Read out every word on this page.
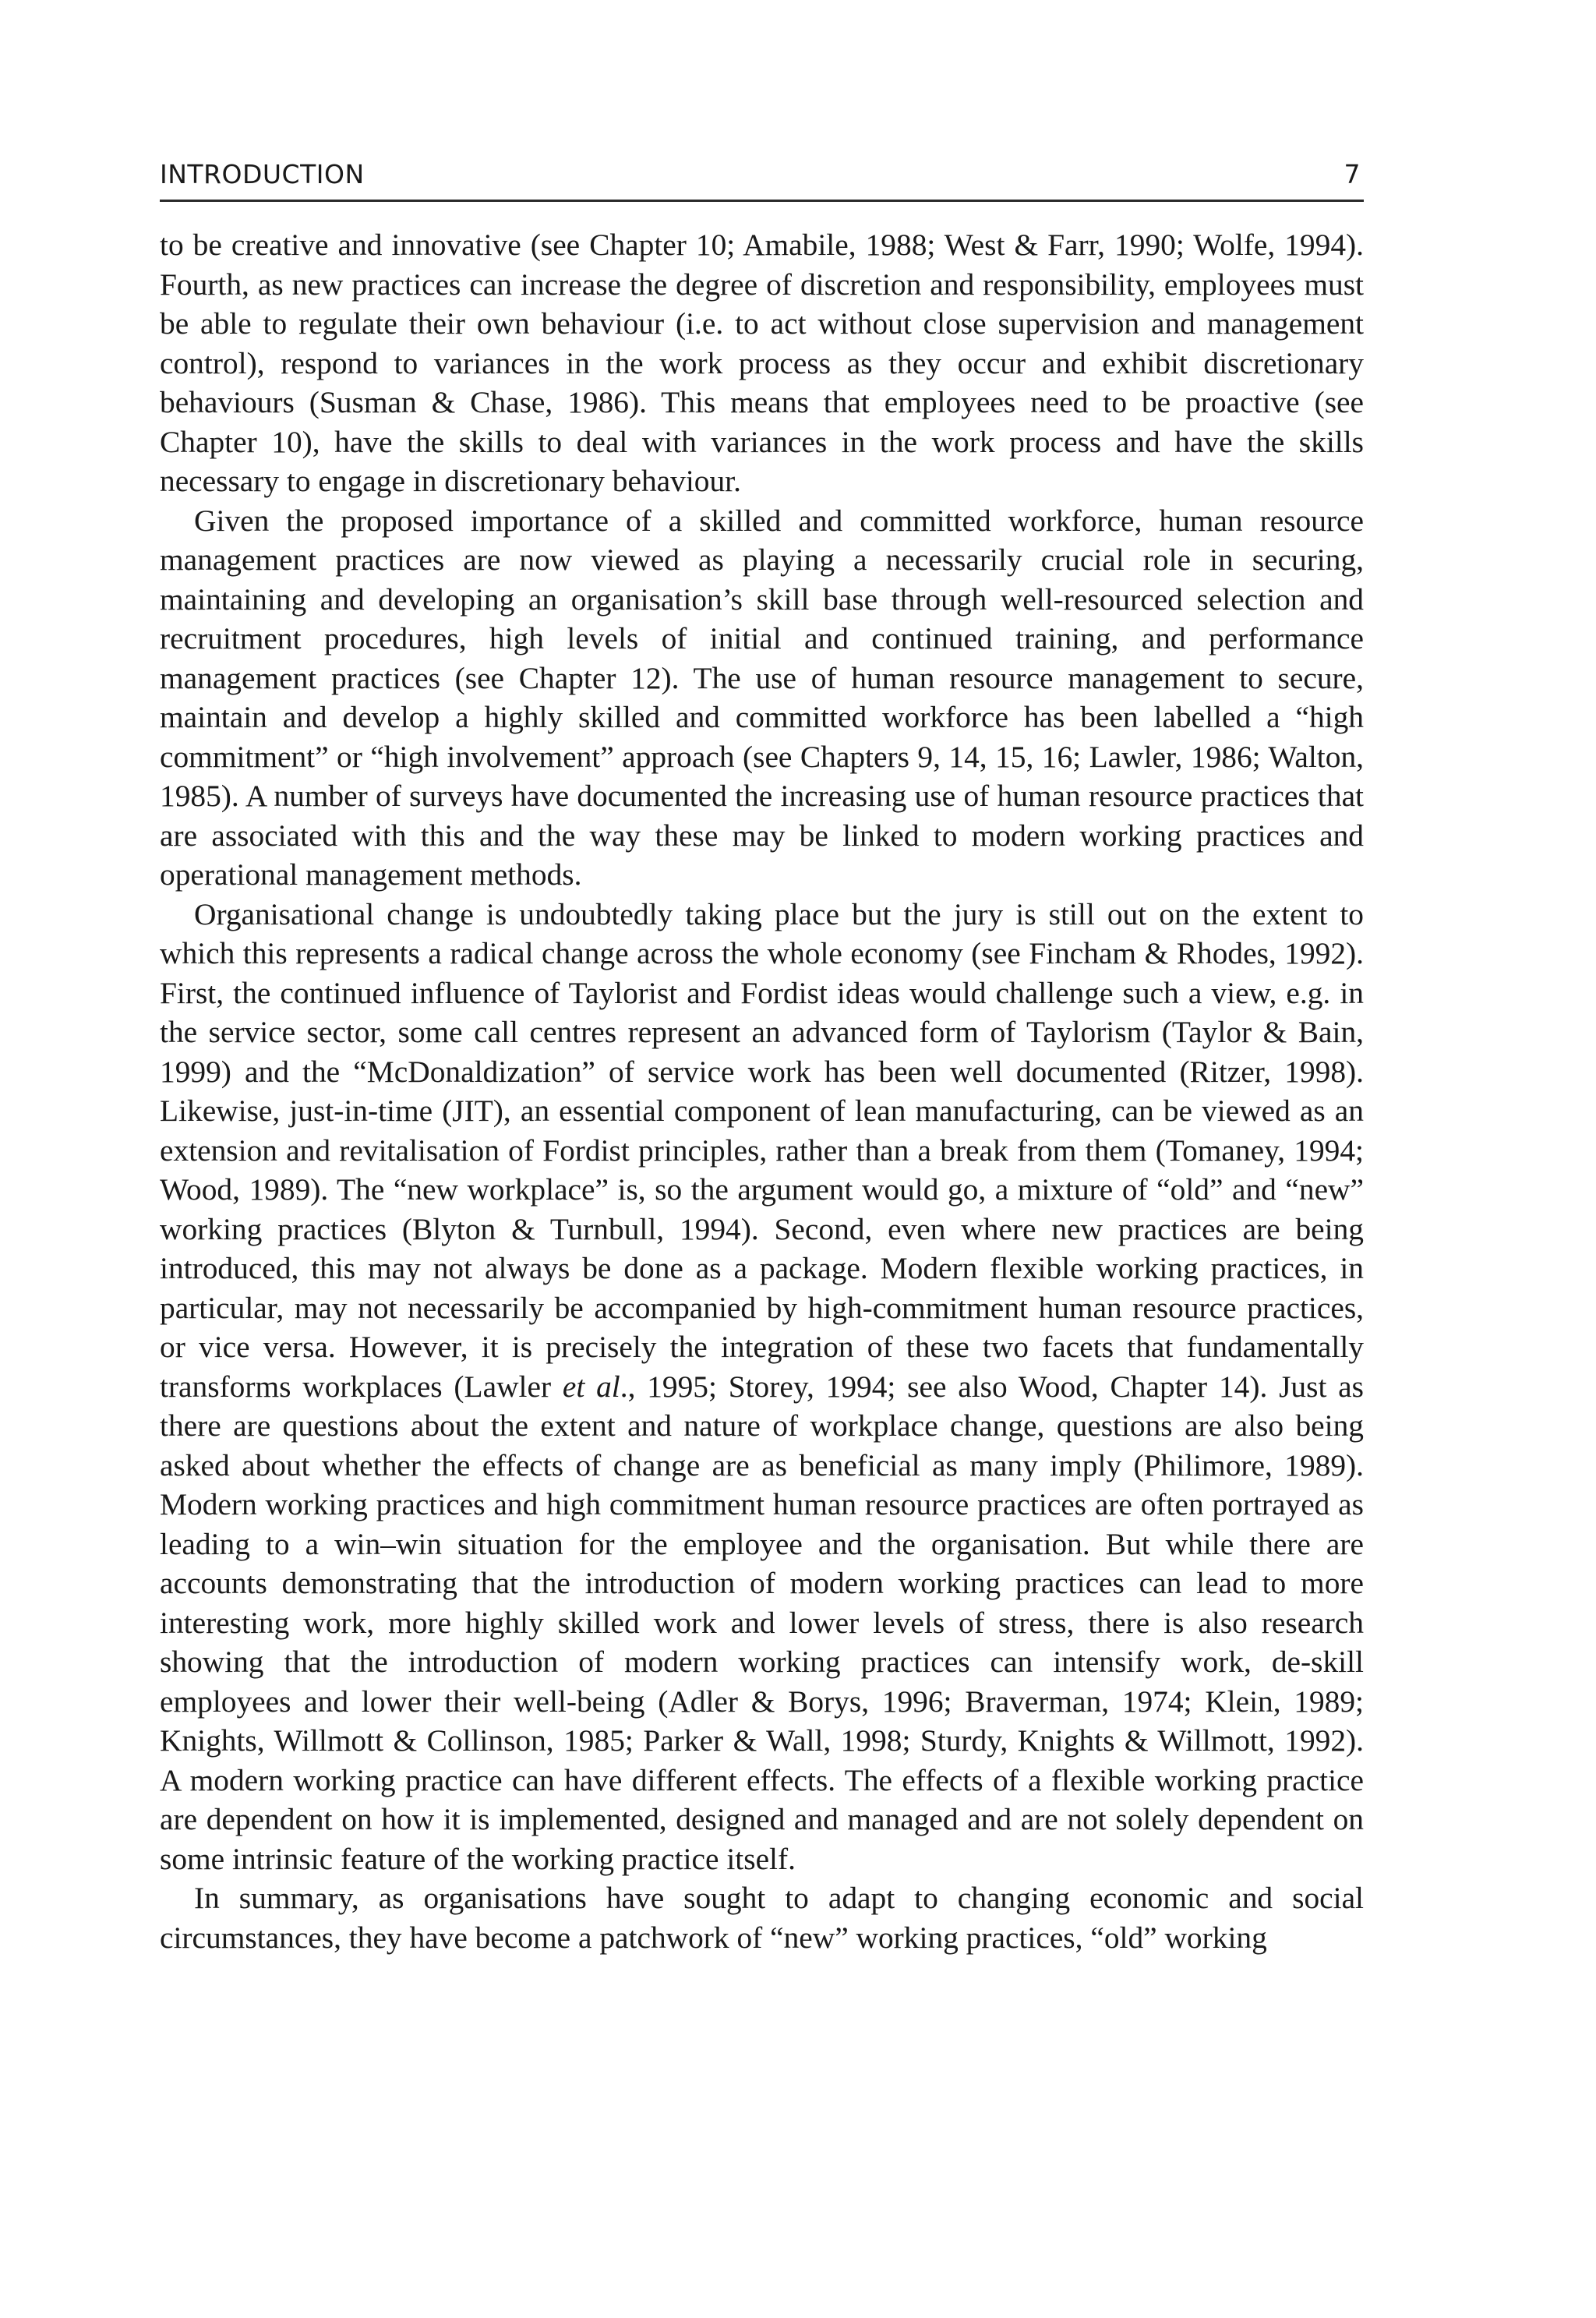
INTRODUCTION	7

to be creative and innovative (see Chapter 10; Amabile, 1988; West & Farr, 1990; Wolfe, 1994). Fourth, as new practices can increase the degree of discretion and responsibility, employees must be able to regulate their own behaviour (i.e. to act without close supervision and management control), respond to variances in the work process as they occur and exhibit discretionary behaviours (Susman & Chase, 1986). This means that employees need to be proactive (see Chapter 10), have the skills to deal with variances in the work process and have the skills necessary to engage in discretionary behaviour.

Given the proposed importance of a skilled and committed workforce, human resource management practices are now viewed as playing a necessarily crucial role in securing, maintaining and developing an organisation’s skill base through well-resourced selection and recruitment procedures, high levels of initial and continued training, and performance management practices (see Chapter 12). The use of human resource management to secure, maintain and develop a highly skilled and committed workforce has been labelled a “high commitment” or “high involvement” approach (see Chapters 9, 14, 15, 16; Lawler, 1986; Walton, 1985). A number of surveys have documented the increasing use of human resource practices that are associated with this and the way these may be linked to modern working practices and operational management methods.

Organisational change is undoubtedly taking place but the jury is still out on the extent to which this represents a radical change across the whole economy (see Fincham & Rhodes, 1992). First, the continued influence of Taylorist and Fordist ideas would challenge such a view, e.g. in the service sector, some call centres represent an advanced form of Taylorism (Taylor & Bain, 1999) and the “McDonaldization” of service work has been well documented (Ritzer, 1998). Likewise, just-in-time (JIT), an essential component of lean manufacturing, can be viewed as an extension and revitalisation of Fordist principles, rather than a break from them (Tomaney, 1994; Wood, 1989). The “new workplace” is, so the argument would go, a mixture of “old” and “new” working practices (Blyton & Turnbull, 1994). Second, even where new practices are being introduced, this may not always be done as a package. Modern flexible working practices, in particular, may not necessarily be accompanied by high-commitment human resource practices, or vice versa. However, it is precisely the integration of these two facets that fundamentally transforms workplaces (Lawler et al., 1995; Storey, 1994; see also Wood, Chapter 14). Just as there are questions about the extent and nature of workplace change, questions are also being asked about whether the effects of change are as beneficial as many imply (Philimore, 1989). Modern working practices and high commitment human resource practices are often portrayed as leading to a win–win situation for the employee and the organisation. But while there are accounts demonstrating that the introduction of modern working practices can lead to more interesting work, more highly skilled work and lower levels of stress, there is also research showing that the introduction of modern working practices can intensify work, de-skill employees and lower their well-being (Adler & Borys, 1996; Braverman, 1974; Klein, 1989; Knights, Willmott & Collinson, 1985; Parker & Wall, 1998; Sturdy, Knights & Willmott, 1992). A modern working practice can have different effects. The effects of a flexible working practice are dependent on how it is implemented, designed and managed and are not solely dependent on some intrinsic feature of the working practice itself.

In summary, as organisations have sought to adapt to changing economic and social circumstances, they have become a patchwork of “new” working practices, “old” working
